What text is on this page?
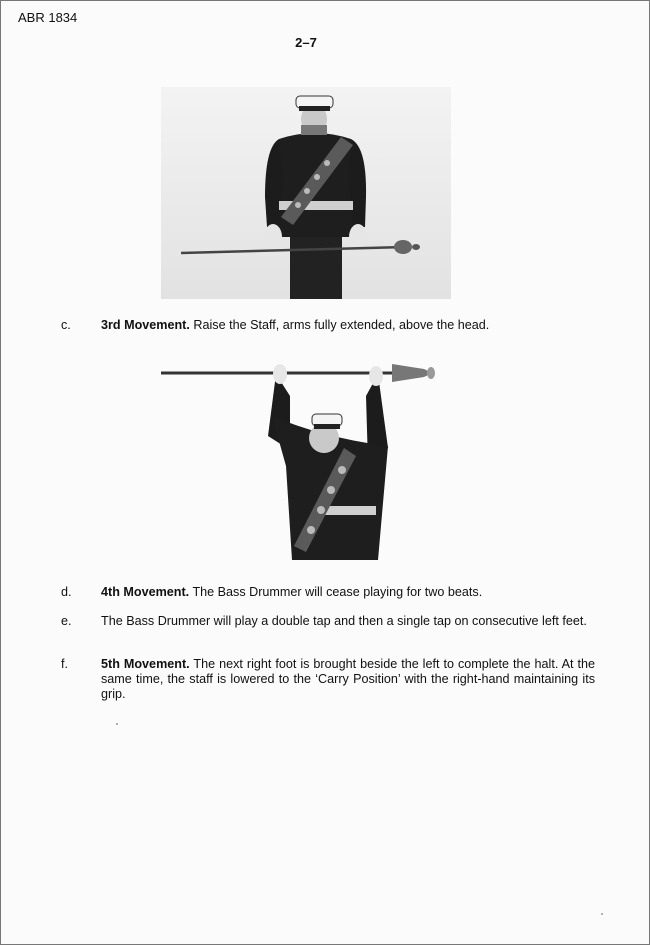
ABR 1834
2–7
c. 3rd Movement. Raise the Staff, arms fully extended, above the head.
d. 4th Movement. The Bass Drummer will cease playing for two beats.
e. The Bass Drummer will play a double tap and then a single tap on consecutive left feet.
f.	5th Movement. The next right foot is brought beside the left to complete the halt. At the same time, the staff is lowered to the ‘Carry Position’ with the right-hand maintaining its grip.
